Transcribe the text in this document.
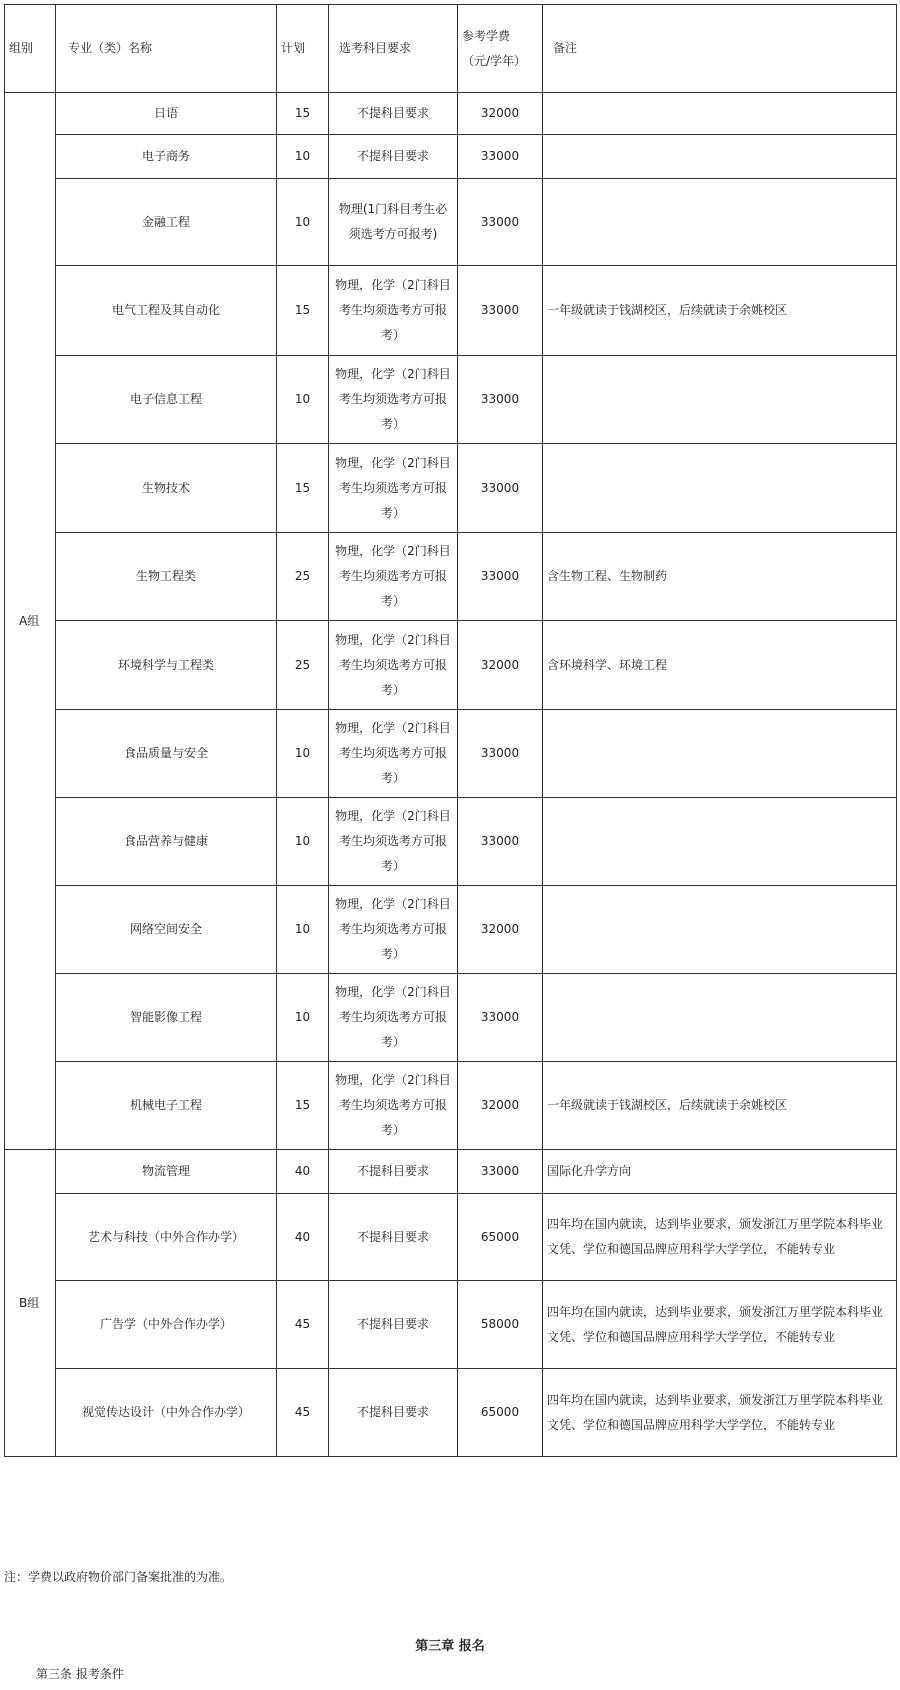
组别	专业（类）名称	计划	选考科目要求	参考学费（元/学年）	备注
A组	日语	15	不提科目要求	32000	
	电子商务	10	不提科目要求	33000	
	金融工程	10	物理(1门科目考生必须选考方可报考)	33000	
	电气工程及其自动化	15	物理，化学（2门科目考生均须选考方可报考）	33000	一年级就读于钱湖校区，后续就读于余姚校区
	电子信息工程	10	物理，化学（2门科目考生均须选考方可报考）	33000	
	生物技术	15	物理，化学（2门科目考生均须选考方可报考）	33000	
	生物工程类	25	物理，化学（2门科目考生均须选考方可报考）	33000	含生物工程、生物制药
	环境科学与工程类	25	物理，化学（2门科目考生均须选考方可报考）	32000	含环境科学、环境工程
	食品质量与安全	10	物理，化学（2门科目考生均须选考方可报考）	33000	
	食品营养与健康	10	物理，化学（2门科目考生均须选考方可报考）	33000	
	网络空间安全	10	物理，化学（2门科目考生均须选考方可报考）	32000	
	智能影像工程	10	物理，化学（2门科目考生均须选考方可报考）	33000	
	机械电子工程	15	物理，化学（2门科目考生均须选考方可报考）	32000	一年级就读于钱湖校区，后续就读于余姚校区
B组	物流管理	40	不提科目要求	33000	国际化升学方向
	艺术与科技（中外合作办学）	40	不提科目要求	65000	四年均在国内就读，达到毕业要求，颁发浙江万里学院本科毕业文凭、学位和德国品牌应用科学大学学位，不能转专业
	广告学（中外合作办学）	45	不提科目要求	58000	四年均在国内就读，达到毕业要求，颁发浙江万里学院本科毕业文凭、学位和德国品牌应用科学大学学位，不能转专业
	视觉传达设计（中外合作办学）	45	不提科目要求	65000	四年均在国内就读，达到毕业要求，颁发浙江万里学院本科毕业文凭、学位和德国品牌应用科学大学学位，不能转专业
注：学费以政府物价部门备案批准的为准。
第三章 报名
第三条 报考条件
